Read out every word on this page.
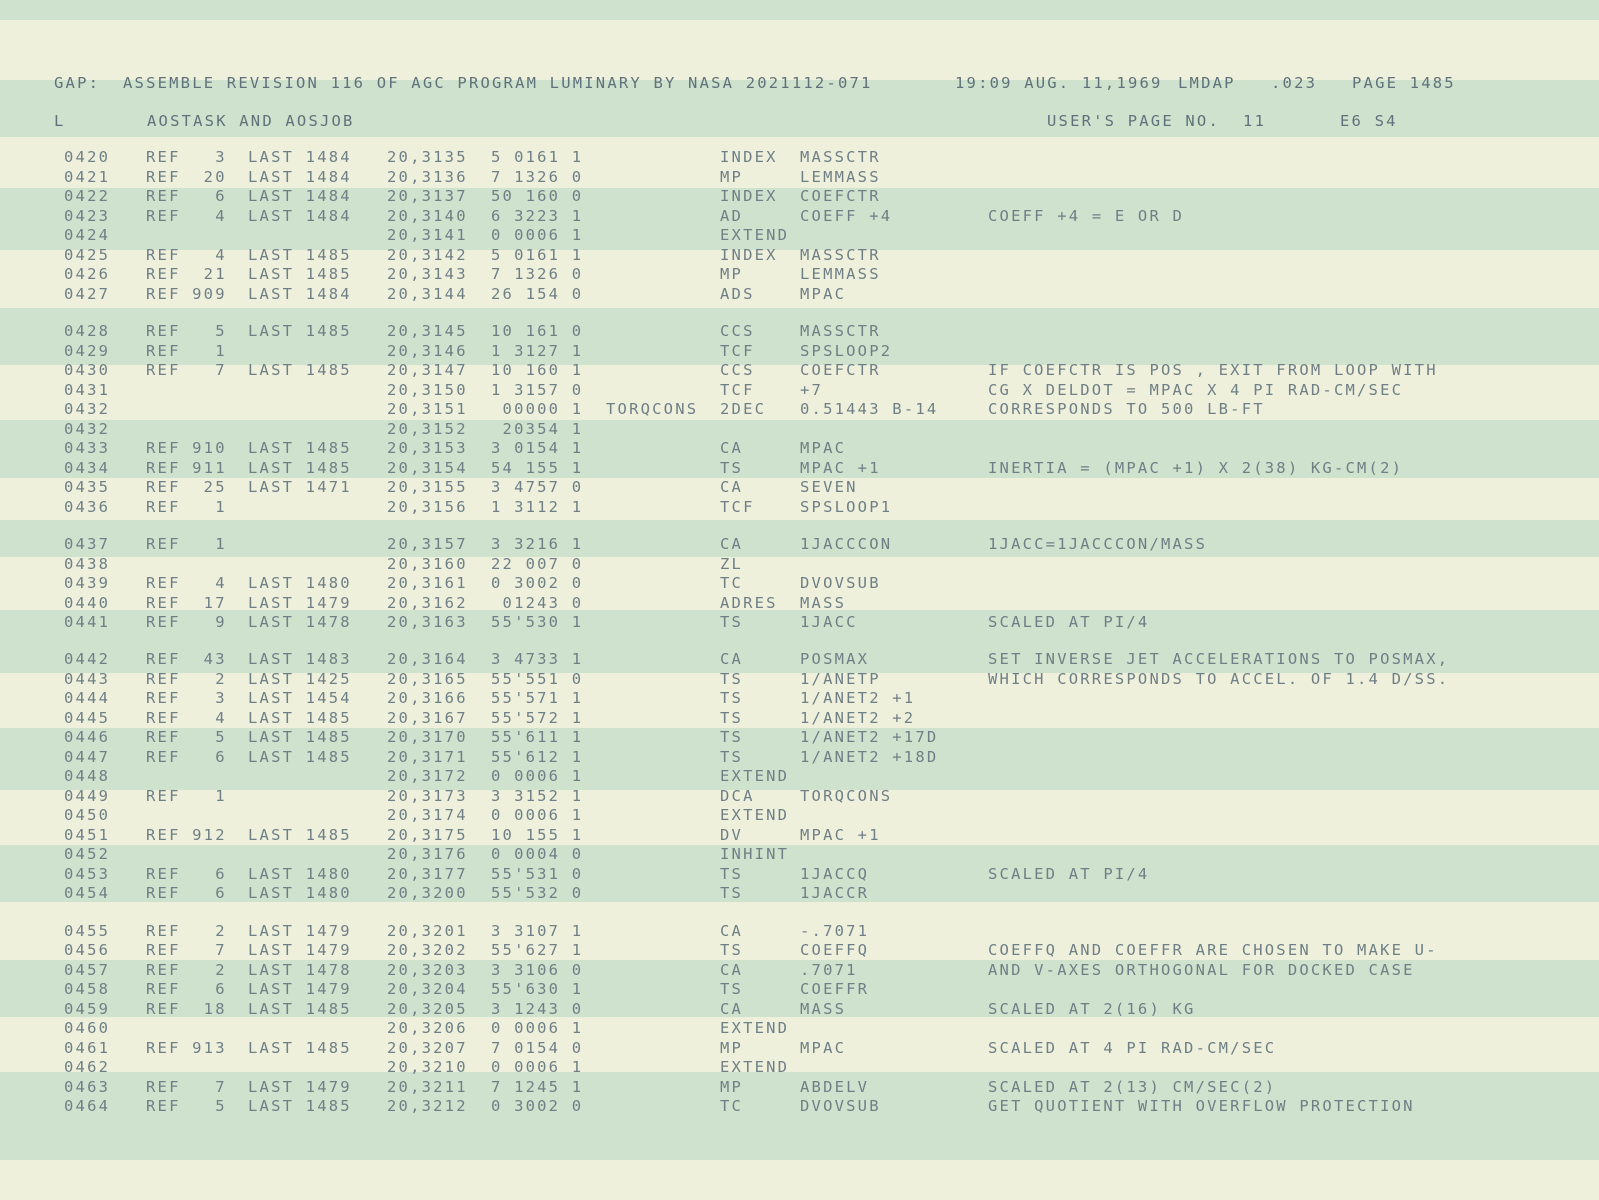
GAP: ASSEMBLE REVISION 116 OF AGC PROGRAM LUMINARY BY NASA 2021112-071	19:09 AUG. 11,1969 LMDAP .023 PAGE 1485
L	AOSTASK AND AOSJOB	USER'S PAGE NO.  11	E6 S4
0420 REF   3 LAST 1484 20,3135 5 0161 1	INDEX MASSCTR
0421 REF  20 LAST 1484 20,3136 7 1326 0	MP	LEMMASS
0422 REF   6 LAST 1484 20,3137 50 160 0	INDEX COEFCTR
0423 REF   4 LAST 1484 20,3140 6 3223 1	AD	COEFF +4	COEFF +4 = E OR D
0424	20,3141 0 0006 1	EXTEND
0425 REF   4 LAST 1485 20,3142 5 0161 1	INDEX MASSCTR
0426 REF  21 LAST 1485 20,3143 7 1326 0	MP	LEMMASS
0427 REF 909 LAST 1484 20,3144 26 154 0	ADS	MPAC
0428 REF   5 LAST 1485 20,3145 10 161 0	CCS	MASSCTR
0429 REF   1	20,3146 1 3127 1	TCF	SPSLOOP2
0430 REF   7 LAST 1485 20,3147 10 160 1	CCS	COEFCTR	IF COEFCTR IS POS , EXIT FROM LOOP WITH
0431	20,3150 1 3157 0	TCF	+7	CG X DELDOT = MPAC X 4 PI RAD-CM/SEC
0432	20,3151 00000 1 TORQCONS 2DEC 0.51443 B-14	CORRESPONDS TO 500 LB-FT
0432	20,3152 20354 1
0433 REF 910 LAST 1485 20,3153 3 0154 1	CA	MPAC
0434 REF 911 LAST 1485 20,3154 54 155 1	TS	MPAC +1	INERTIA = (MPAC +1) X 2(38) KG-CM(2)
0435 REF  25 LAST 1471 20,3155 3 4757 0	CA	SEVEN
0436 REF   1	20,3156 1 3112 1	TCF	SPSLOOP1
0437 REF   1	20,3157 3 3216 1	CA	1JACCCON	1JACC=1JACCCON/MASS
0438	20,3160 22 007 0	ZL
0439 REF   4 LAST 1480 20,3161 0 3002 0	TC	DVOVSUB
0440 REF  17 LAST 1479 20,3162 01243 0	ADRES MASS
0441 REF   9 LAST 1478 20,3163 55'530 1	TS	1JACC	SCALED AT PI/4
0442 REF  43 LAST 1483 20,3164 3 4733 1	CA	POSMAX	SET INVERSE JET ACCELERATIONS TO POSMAX,
0443 REF   2 LAST 1425 20,3165 55'551 0	TS	1/ANETP	WHICH CORRESPONDS TO ACCEL. OF 1.4 D/SS.
0444 REF   3 LAST 1454 20,3166 55'571 1	TS	1/ANET2 +1
0445 REF   4 LAST 1485 20,3167 55'572 1	TS	1/ANET2 +2
0446 REF   5 LAST 1485 20,3170 55'611 1	TS	1/ANET2 +17D
0447 REF   6 LAST 1485 20,3171 55'612 1	TS	1/ANET2 +18D
0448	20,3172 0 0006 1	EXTEND
0449 REF   1	20,3173 3 3152 1	DCA	TORQCONS
0450	20,3174 0 0006 1	EXTEND
0451 REF 912 LAST 1485 20,3175 10 155 1	DV	MPAC +1
0452	20,3176 0 0004 0	INHINT
0453 REF   6 LAST 1480 20,3177 55'531 0	TS	1JACCQ	SCALED AT PI/4
0454 REF   6 LAST 1480 20,3200 55'532 0	TS	1JACCR
0455 REF   2 LAST 1479 20,3201 3 3107 1	CA	-.7071
0456 REF   7 LAST 1479 20,3202 55'627 1	TS	COEFFQ	COEFFQ AND COEFFR ARE CHOSEN TO MAKE U-
0457 REF   2 LAST 1478 20,3203 3 3106 0	CA	.7071	AND V-AXES ORTHOGONAL FOR DOCKED CASE
0458 REF   6 LAST 1479 20,3204 55'630 1	TS	COEFFR
0459 REF  18 LAST 1485 20,3205 3 1243 0	CA	MASS	SCALED AT 2(16) KG
0460	20,3206 0 0006 1	EXTEND
0461 REF 913 LAST 1485 20,3207 7 0154 0	MP	MPAC	SCALED AT 4 PI RAD-CM/SEC
0462	20,3210 0 0006 1	EXTEND
0463 REF   7 LAST 1479 20,3211 7 1245 1	MP	ABDELV	SCALED AT 2(13) CM/SEC(2)
0464 REF   5 LAST 1485 20,3212 0 3002 0	TC	DVOVSUB	GET QUOTIENT WITH OVERFLOW PROTECTION
